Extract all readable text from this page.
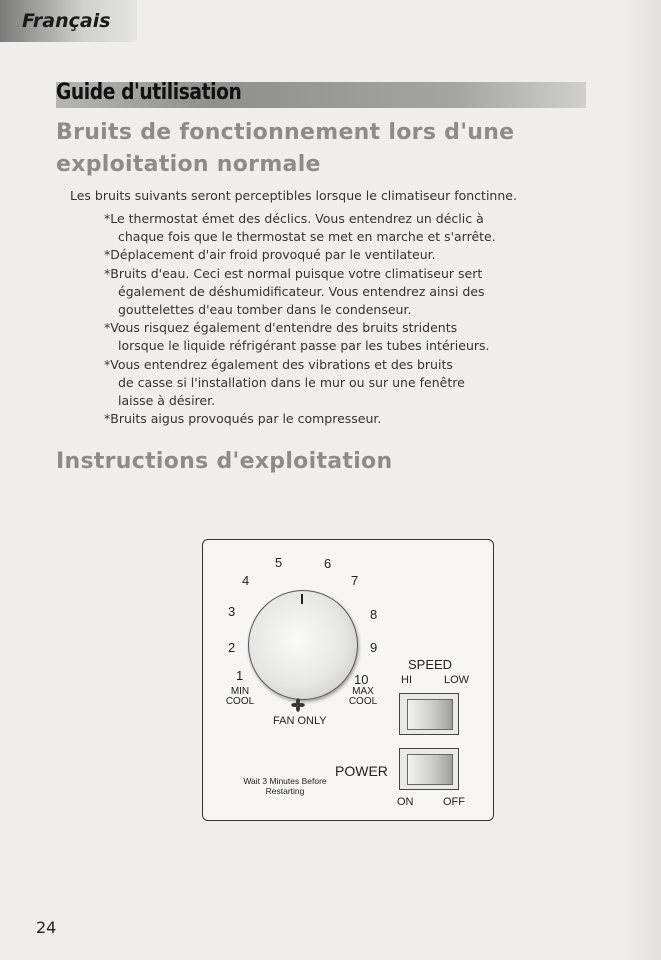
Français
Guide d'utilisation
Bruits de fonctionnement lors d'une
exploitation normale
Les bruits suivants seront perceptibles lorsque le climatiseur fonctinne.
*Le thermostat émet des déclics. Vous entendrez un déclic à
chaque fois que le thermostat se met en marche et s'arrête.
*Déplacement d'air froid provoqué par le ventilateur.
*Bruits d'eau. Ceci est normal puisque votre climatiseur sert
également de déshumidificateur. Vous entendrez ainsi des
gouttelettes d'eau tomber dans le condenseur.
*Vous risquez également d'entendre des bruits stridents
lorsque le liquide réfrigérant passe par les tubes intérieurs.
*Vous entendrez également des vibrations et des bruits
de casse si l'installation dans le mur ou sur une fenêtre
laisse à désirer.
*Bruits aigus provoqués par le compresseur.
Instructions d'exploitation
5	6
4	7
3	8
2	9
1	10
MIN
COOL
MAX
COOL
FAN ONLY
SPEED
HI	LOW
POWER
ON	OFF
Wait 3 Minutes Before
Restarting
24
